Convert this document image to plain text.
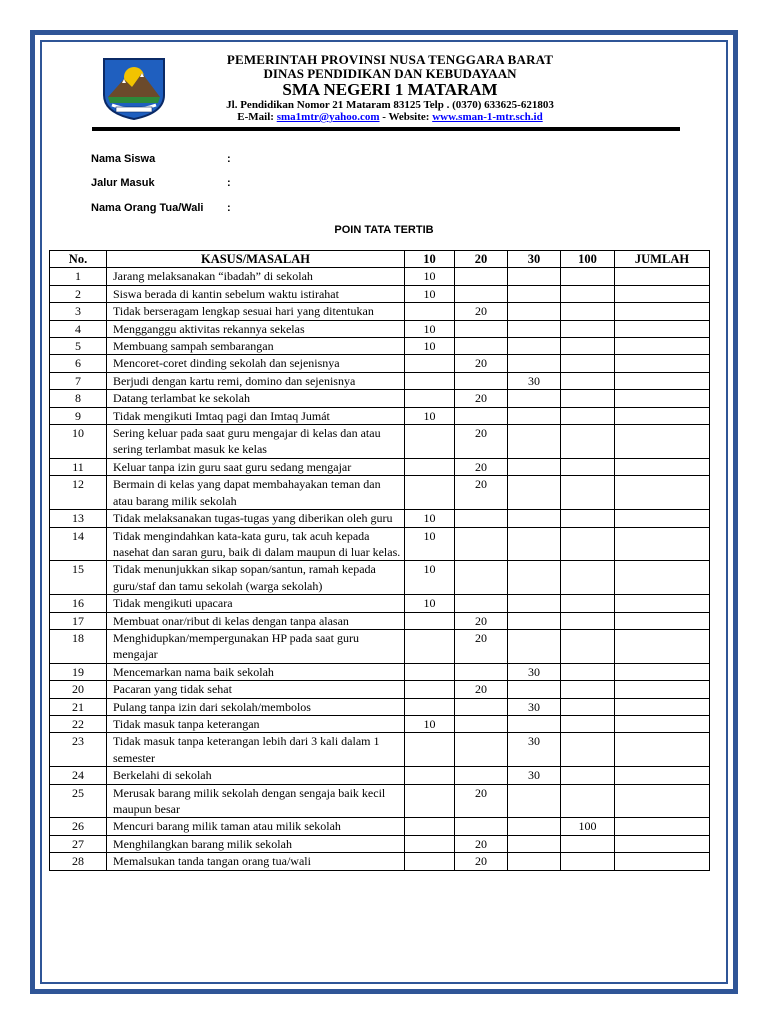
PEMERINTAH PROVINSI NUSA TENGGARA BARAT
DINAS PENDIDIKAN DAN KEBUDAYAAN
SMA NEGERI 1 MATARAM
Jl. Pendidikan Nomor 21 Mataram 83125 Telp . (0370) 633625-621803
E-Mail: sma1mtr@yahoo.com - Website: www.sman-1-mtr.sch.id
Nama Siswa	:
Jalur Masuk	:
Nama Orang Tua/Wali :
POIN TATA TERTIB
No.	KASUS/MASALAH	10	20	30	100	JUMLAH
1	Jarang melaksanakan “ibadah” di sekolah	10				
2	Siswa berada di kantin sebelum waktu istirahat	10				
3	Tidak berseragam lengkap sesuai hari yang ditentukan		20			
4	Mengganggu aktivitas rekannya sekelas	10				
5	Membuang sampah sembarangan	10				
6	Mencoret-coret dinding sekolah dan sejenisnya		20			
7	Berjudi dengan kartu remi, domino dan sejenisnya			30		
8	Datang terlambat ke sekolah		20			
9	Tidak mengikuti Imtaq pagi dan Imtaq Jumát	10				
10	Sering keluar pada saat guru mengajar di kelas dan atau sering terlambat masuk ke kelas		20			
11	Keluar tanpa izin guru saat guru sedang mengajar		20			
12	Bermain di kelas yang dapat membahayakan teman dan atau barang milik sekolah		20			
13	Tidak melaksanakan tugas-tugas yang diberikan oleh guru	10				
14	Tidak mengindahkan kata-kata guru, tak acuh kepada nasehat dan saran guru, baik di dalam maupun di luar kelas.	10				
15	Tidak menunjukkan sikap sopan/santun, ramah kepada guru/staf dan tamu sekolah (warga sekolah)	10				
16	Tidak mengikuti upacara	10				
17	Membuat onar/ribut di kelas dengan tanpa alasan		20			
18	Menghidupkan/mempergunakan HP pada saat guru mengajar		20			
19	Mencemarkan nama baik sekolah			30		
20	Pacaran yang tidak sehat		20			
21	Pulang tanpa izin dari sekolah/membolos			30		
22	Tidak masuk tanpa keterangan	10				
23	Tidak masuk tanpa keterangan lebih dari 3 kali dalam 1 semester			30		
24	Berkelahi di sekolah			30		
25	Merusak barang milik sekolah dengan sengaja baik kecil maupun besar		20			
26	Mencuri barang milik taman atau milik sekolah				100	
27	Menghilangkan barang milik sekolah		20			
28	Memalsukan tanda tangan orang tua/wali		20			
